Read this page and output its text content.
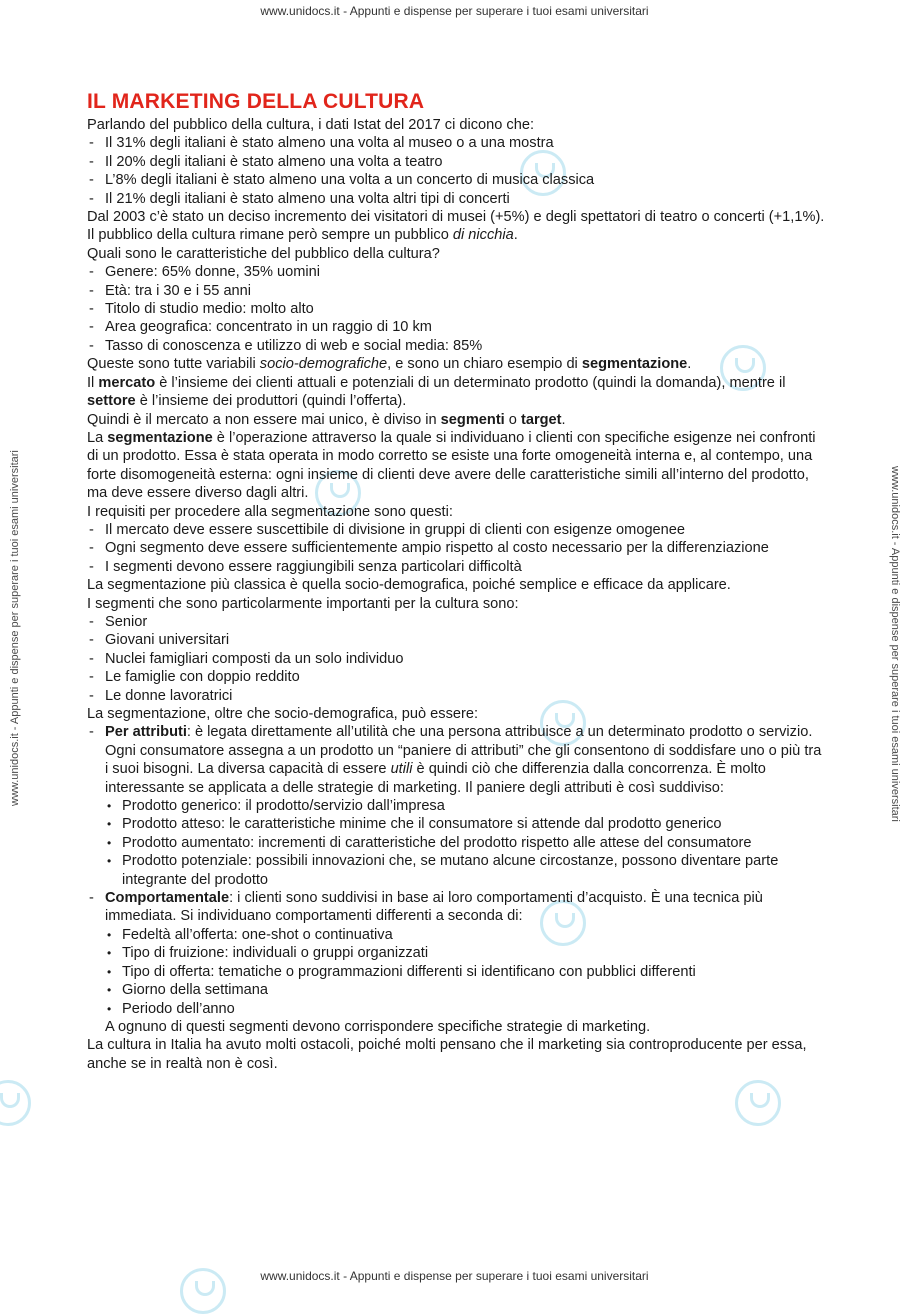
www.unidocs.it - Appunti e dispense per superare i tuoi esami universitari
www.unidocs.it - Appunti e dispense per superare i tuoi esami universitari	www.unidocs.it - Appunti e dispense per superare i tuoi esami universitari
IL MARKETING DELLA CULTURA

Parlando del pubblico della cultura, i dati Istat del 2017 ci dicono che:

- Il 31% degli italiani è stato almeno una volta al museo o a una mostra
- Il 20% degli italiani è stato almeno una volta a teatro
- L’8% degli italiani è stato almeno una volta a un concerto di musica classica
- Il 21% degli italiani è stato almeno una volta altri tipi di concerti

Dal 2003 c’è stato un deciso incremento dei visitatori di musei (+5%) e degli spettatori di teatro o concerti (+1,1%). Il pubblico della cultura rimane però sempre un pubblico di nicchia.

Quali sono le caratteristiche del pubblico della cultura?

- Genere: 65% donne, 35% uomini
- Età: tra i 30 e i 55 anni
- Titolo di studio medio: molto alto
- Area geografica: concentrato in un raggio di 10 km
- Tasso di conoscenza e utilizzo di web e social media: 85%

Queste sono tutte variabili socio-demografiche, e sono un chiaro esempio di segmentazione.

Il mercato è l’insieme dei clienti attuali e potenziali di un determinato prodotto (quindi la domanda), mentre il settore è l’insieme dei produttori (quindi l’offerta).

Quindi è il mercato a non essere mai unico, è diviso in segmenti o target.

La segmentazione è l’operazione attraverso la quale si individuano i clienti con specifiche esigenze nei confronti di un prodotto. Essa è stata operata in modo corretto se esiste una forte omogeneità interna e, al contempo, una forte disomogeneità esterna: ogni insieme di clienti deve avere delle caratteristiche simili all’interno del prodotto, ma deve essere diverso dagli altri.

I requisiti per procedere alla segmentazione sono questi:

- Il mercato deve essere suscettibile di divisione in gruppi di clienti con esigenze omogenee
- Ogni segmento deve essere sufficientemente ampio rispetto al costo necessario per la differenziazione
- I segmenti devono essere raggiungibili senza particolari difficoltà

La segmentazione più classica è quella socio-demografica, poiché semplice e efficace da applicare.

I segmenti che sono particolarmente importanti per la cultura sono:

- Senior
- Giovani universitari
- Nuclei famigliari composti da un solo individuo
- Le famiglie con doppio reddito
- Le donne lavoratrici

La segmentazione, oltre che socio-demografica, può essere:

- Per attributi: è legata direttamente all’utilità che una persona attribuisce a un determinato prodotto o servizio. Ogni consumatore assegna a un prodotto un “paniere di attributi” che gli consentono di soddisfare uno o più tra i suoi bisogni. La diversa capacità di essere utili è quindi ciò che differenzia dalla concorrenza. È molto interessante se applicata a delle strategie di marketing. Il paniere degli attributi è così suddiviso:
• Prodotto generico: il prodotto/servizio dall’impresa
• Prodotto atteso: le caratteristiche minime che il consumatore si attende dal prodotto generico
• Prodotto aumentato: incrementi di caratteristiche del prodotto rispetto alle attese del consumatore
• Prodotto potenziale: possibili innovazioni che, se mutano alcune circostanze, possono diventare parte integrante del prodotto
- Comportamentale: i clienti sono suddivisi in base ai loro comportamenti d’acquisto. È una tecnica più immediata. Si individuano comportamenti differenti a seconda di:
• Fedeltà all’offerta: one-shot o continuativa
• Tipo di fruizione: individuali o gruppi organizzati
• Tipo di offerta: tematiche o programmazioni differenti si identificano con pubblici differenti
• Giorno della settimana
• Periodo dell’anno

A ognuno di questi segmenti devono corrispondere specifiche strategie di marketing.

La cultura in Italia ha avuto molti ostacoli, poiché molti pensano che il marketing sia controproducente per essa, anche se in realtà non è così.

www.unidocs.it - Appunti e dispense per superare i tuoi esami universitari
